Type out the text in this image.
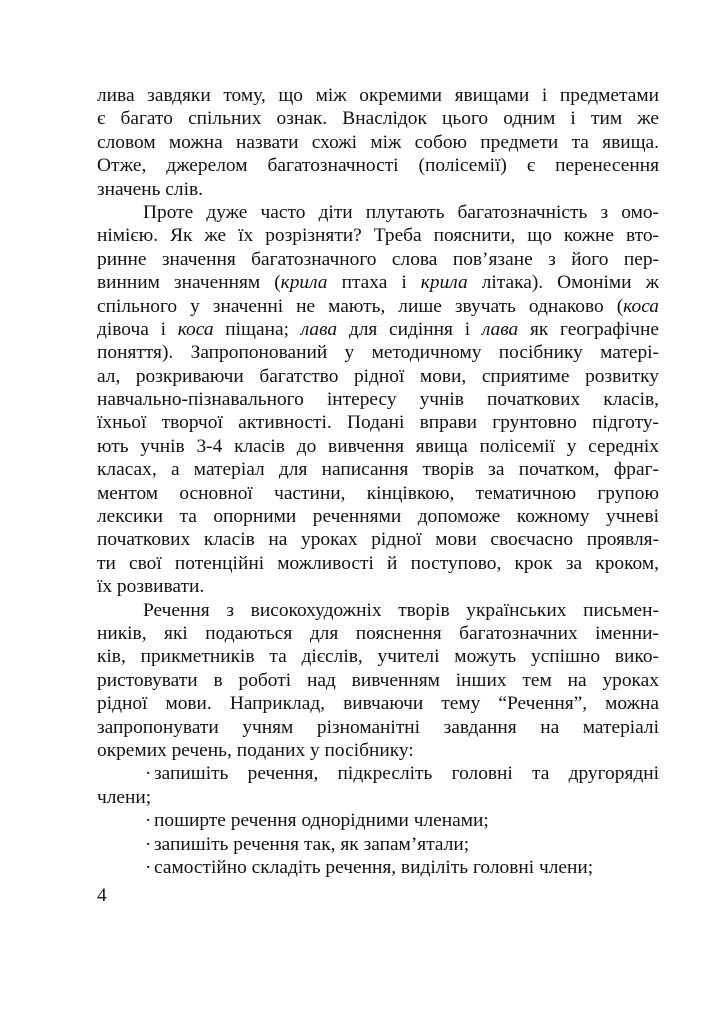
лива завдяки тому, що між окремими явищами і предметами
є багато спільних ознак. Внаслідок цього одним і тим же
словом можна назвати схожі між собою предмети та явища.
Отже, джерелом багатозначності (полісемії) є перенесення
значень слів.
Проте дуже часто діти плутають багатозначність з омо-
німією. Як же їх розрізняти? Треба пояснити, що кожне вто-
ринне значення багатозначного слова пов’язане з його пер-
винним значенням (крила птаха і крила літака). Омоніми ж
спільного у значенні не мають, лише звучать однаково (коса
дівоча і коса піщана; лава для сидіння і лава як географічне
поняття). Запропонований у методичному посібнику матері-
ал, розкриваючи багатство рідної мови, сприятиме розвитку
навчально-пізнавального інтересу учнів початкових класів,
їхньої творчої активності. Подані вправи грунтовно підготу-
ють учнів 3-4 класів до вивчення явища полісемії у середніх
класах, а матеріал для написання творів за початком, фраг-
ментом основної частини, кінцівкою, тематичною групою
лексики та опорними реченнями допоможе кожному учневі
початкових класів на уроках рідної мови своєчасно проявля-
ти свої потенційні можливості й поступово, крок за кроком,
їх розвивати.
Речення з високохудожніх творів українських письмен-
ників, які подаються для пояснення багатозначних іменни-
ків, прикметників та дієслів, учителі можуть успішно вико-
ристовувати в роботі над вивченням інших тем на уроках
рідної мови. Наприклад, вивчаючи тему “Речення”, можна
запропонувати учням різноманітні завдання на матеріалі
окремих речень, поданих у посібнику:
· запишіть речення, підкресліть головні та другорядні
члени;
· поширте речення однорідними членами;
· запишіть речення так, як запам’ятали;
· самостійно складіть речення, виділіть головні члени;
4
